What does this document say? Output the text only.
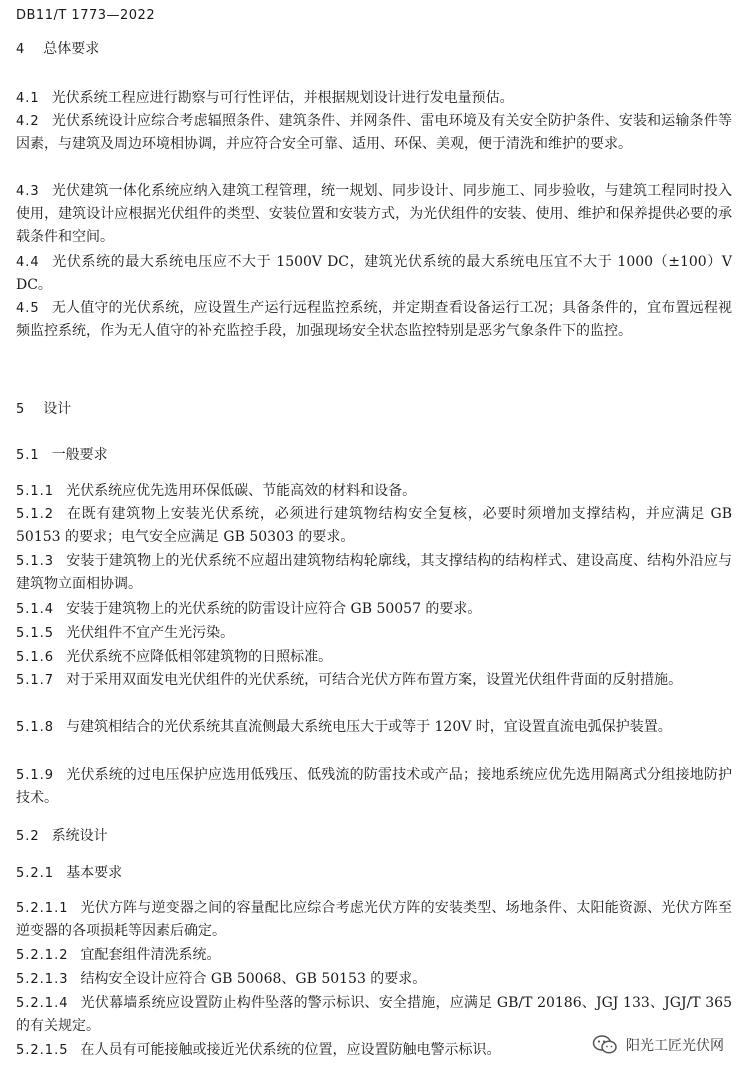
DB11/T 1773—2022
4 总体要求
4.1 光伏系统工程应进行勘察与可行性评估，并根据规划设计进行发电量预估。
4.2 光伏系统设计应综合考虑辐照条件、建筑条件、并网条件、雷电环境及有关安全防护条件、安装和运输条件等因素，与建筑及周边环境相协调，并应符合安全可靠、适用、环保、美观，便于清洗和维护的要求。
4.3 光伏建筑一体化系统应纳入建筑工程管理，统一规划、同步设计、同步施工、同步验收，与建筑工程同时投入使用，建筑设计应根据光伏组件的类型、安装位置和安装方式，为光伏组件的安装、使用、维护和保养提供必要的承载条件和空间。
4.4 光伏系统的最大系统电压应不大于 1500V DC，建筑光伏系统的最大系统电压宜不大于 1000（±100）V DC。
4.5 无人值守的光伏系统，应设置生产运行远程监控系统，并定期查看设备运行工况；具备条件的，宜布置远程视频监控系统，作为无人值守的补充监控手段，加强现场安全状态监控特别是恶劣气象条件下的监控。
5 设计
5.1 一般要求
5.1.1 光伏系统应优先选用环保低碳、节能高效的材料和设备。
5.1.2 在既有建筑物上安装光伏系统，必须进行建筑物结构安全复核，必要时须增加支撑结构，并应满足 GB 50153 的要求；电气安全应满足 GB 50303 的要求。
5.1.3 安装于建筑物上的光伏系统不应超出建筑物结构轮廓线，其支撑结构的结构样式、建设高度、结构外沿应与建筑物立面相协调。
5.1.4 安装于建筑物上的光伏系统的防雷设计应符合 GB 50057 的要求。
5.1.5 光伏组件不宜产生光污染。
5.1.6 光伏系统不应降低相邻建筑物的日照标准。
5.1.7 对于采用双面发电光伏组件的光伏系统，可结合光伏方阵布置方案，设置光伏组件背面的反射措施。
5.1.8 与建筑相结合的光伏系统其直流侧最大系统电压大于或等于 120V 时，宜设置直流电弧保护装置。
5.1.9 光伏系统的过电压保护应选用低残压、低残流的防雷技术或产品；接地系统应优先选用隔离式分组接地防护技术。
5.2 系统设计
5.2.1 基本要求
5.2.1.1 光伏方阵与逆变器之间的容量配比应综合考虑光伏方阵的安装类型、场地条件、太阳能资源、光伏方阵至逆变器的各项损耗等因素后确定。
5.2.1.2 宜配套组件清洗系统。
5.2.1.3 结构安全设计应符合 GB 50068、GB 50153 的要求。
5.2.1.4 光伏幕墙系统应设置防止构件坠落的警示标识、安全措施，应满足 GB/T 20186、JGJ 133、JGJ/T 365 的有关规定。
5.2.1.5 在人员有可能接触或接近光伏系统的位置，应设置防触电警示标识。	阳光工匠光伏网
